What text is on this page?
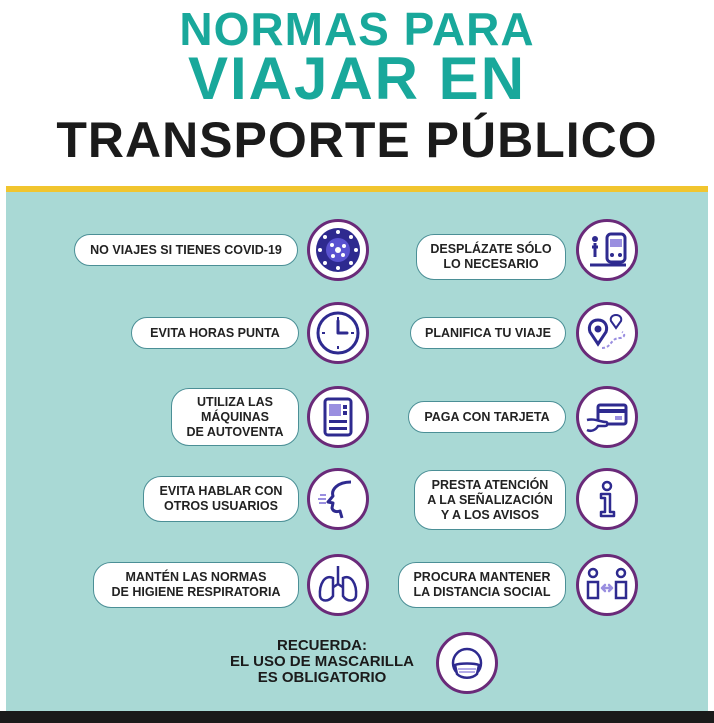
NORMAS PARA
VIAJAR EN
TRANSPORTE PÚBLICO
NO VIAJES SI TIENES COVID-19
EVITA HORAS PUNTA
UTILIZA LAS
MÁQUINAS
DE AUTOVENTA
EVITA HABLAR CON
OTROS USUARIOS
MANTÉN LAS NORMAS
DE HIGIENE RESPIRATORIA
DESPLÁZATE SÓLO
LO NECESARIO
PLANIFICA TU VIAJE
PAGA CON TARJETA
PRESTA ATENCIÓN
A LA SEÑALIZACIÓN
Y A LOS AVISOS
PROCURA MANTENER
LA DISTANCIA SOCIAL
RECUERDA:
EL USO DE MASCARILLA
ES OBLIGATORIO
